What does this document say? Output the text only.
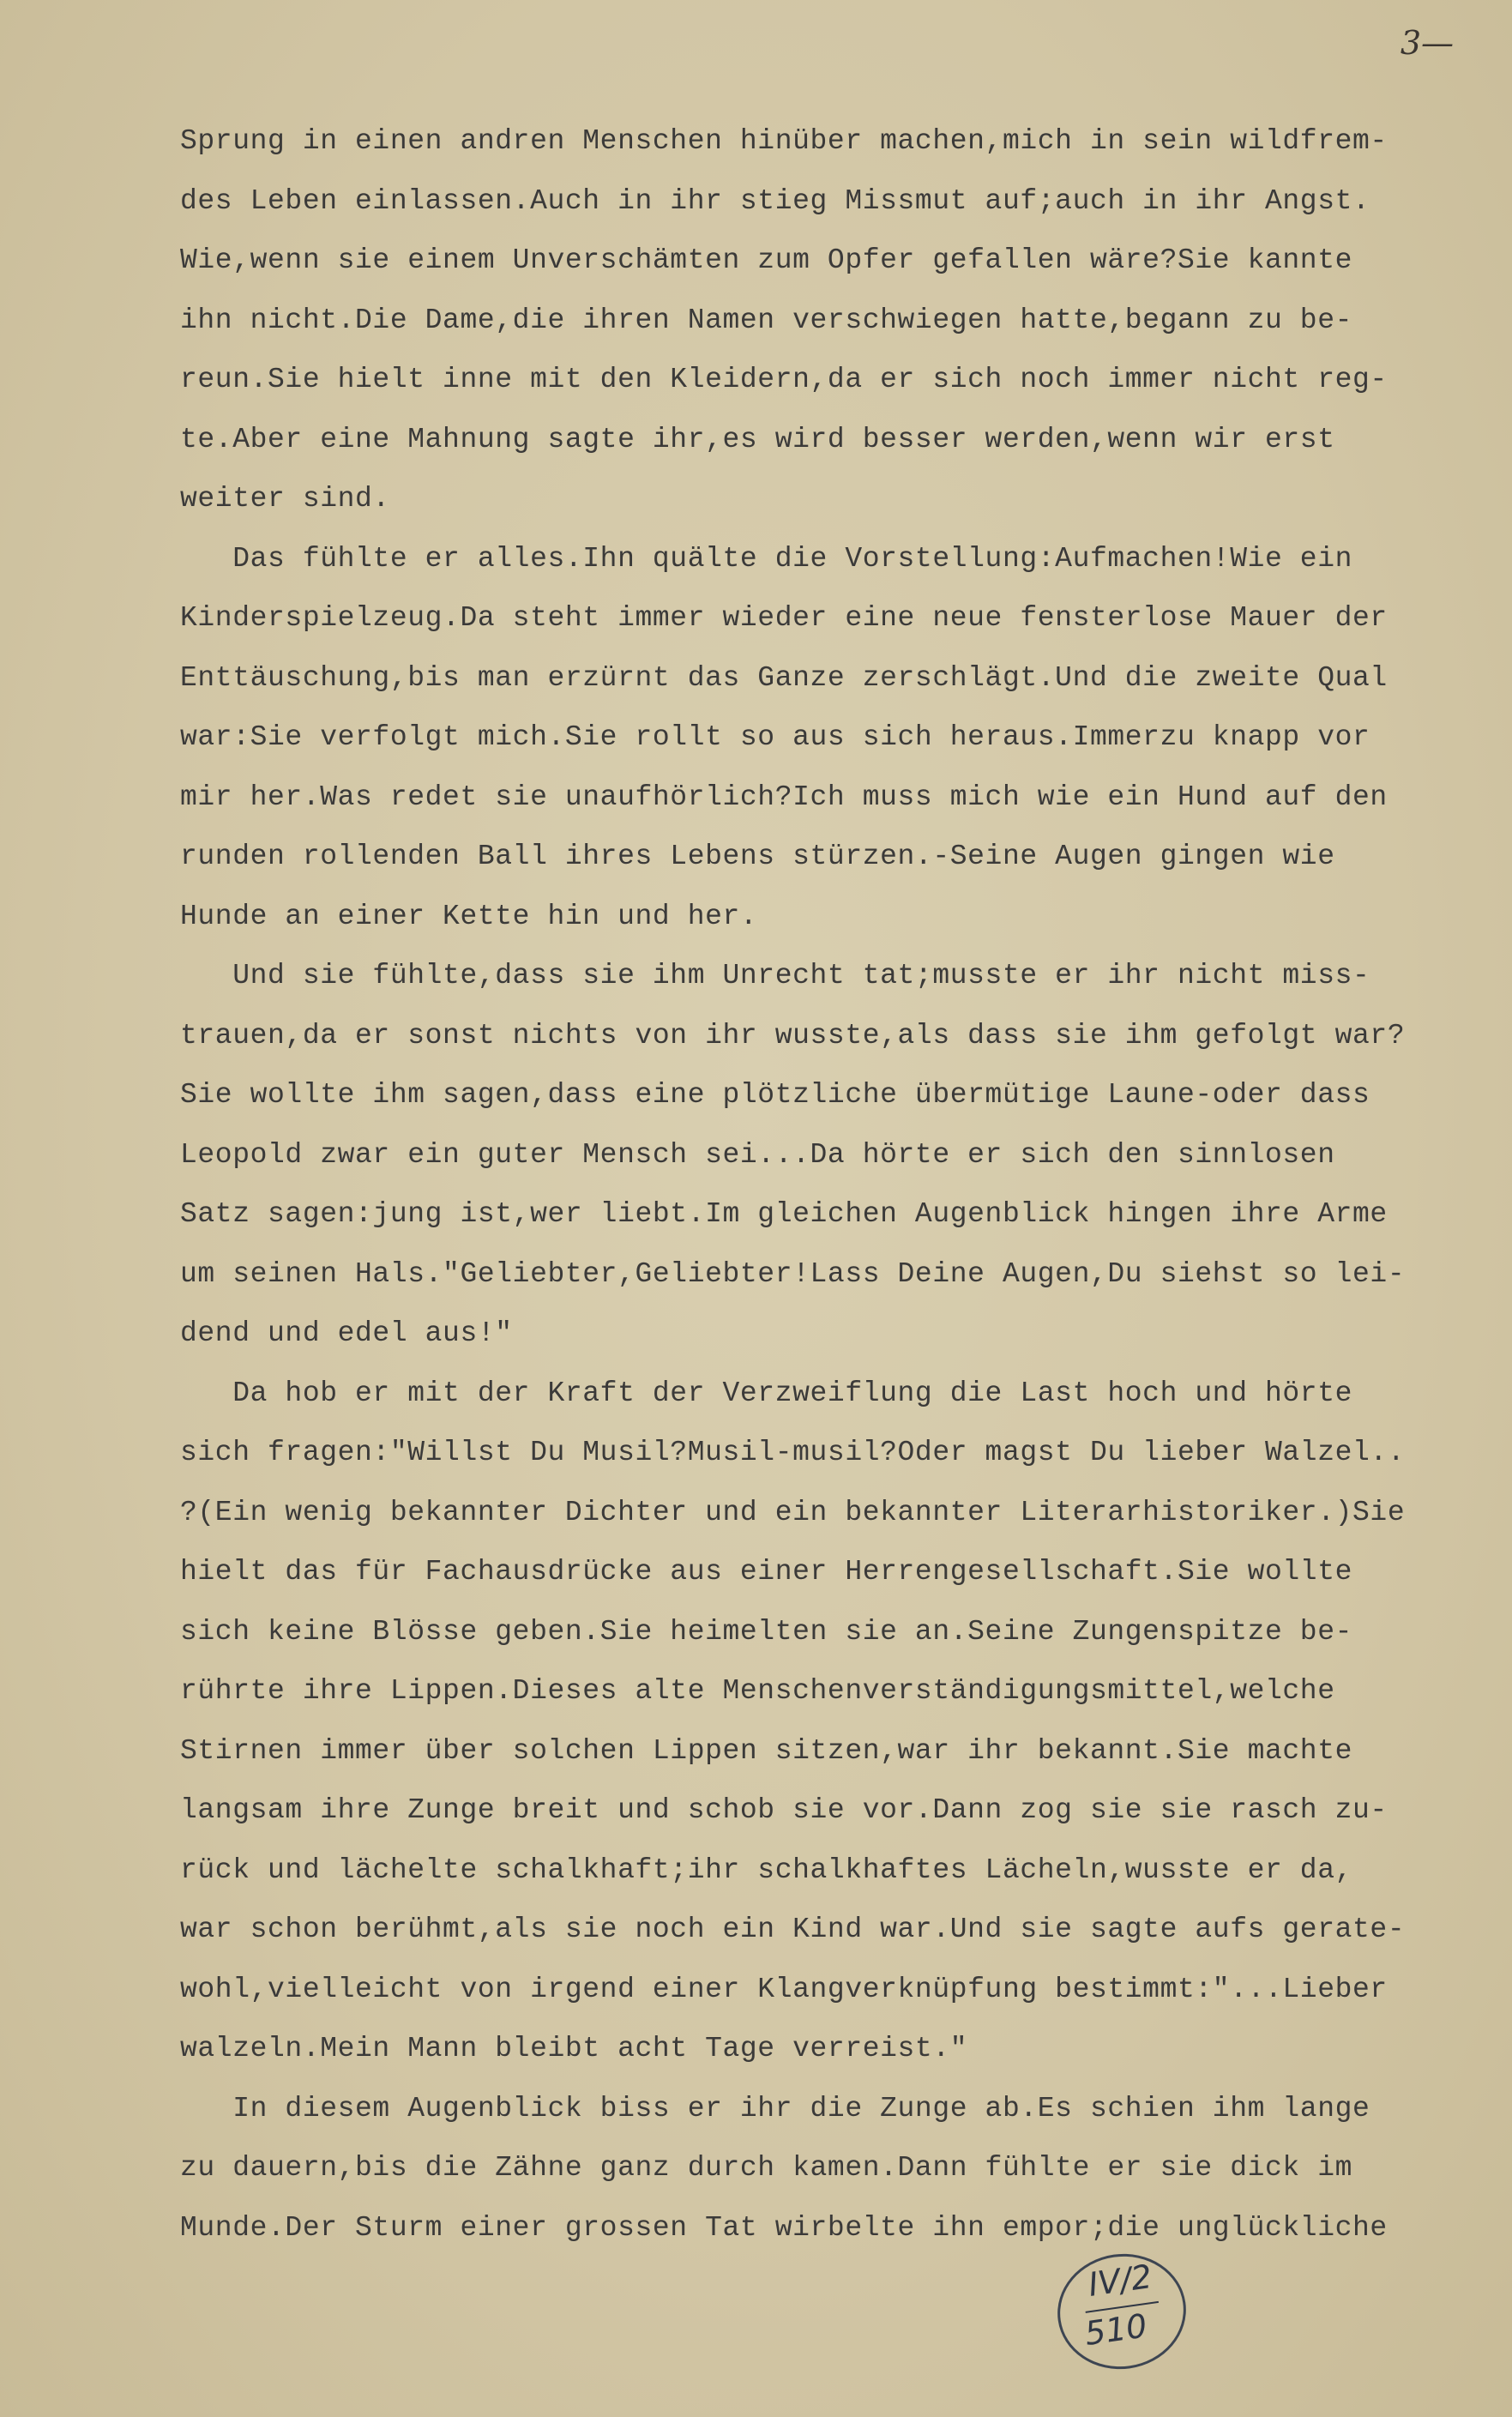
3—
Sprung in einen andren Menschen hinüber machen,mich in sein wildfrem-
des Leben einlassen.Auch in ihr stieg Missmut auf;auch in ihr Angst.
Wie,wenn sie einem Unverschämten zum Opfer gefallen wäre?Sie kannte
ihn nicht.Die Dame,die ihren Namen verschwiegen hatte,begann zu be-
reun.Sie hielt inne mit den Kleidern,da er sich noch immer nicht reg-
te.Aber eine Mahnung sagte ihr,es wird besser werden,wenn wir erst
weiter sind.
Das fühlte er alles.Ihn quälte die Vorstellung:Aufmachen!Wie ein
Kinderspielzeug.Da steht immer wieder eine neue fensterlose Mauer der
Enttäuschung,bis man erzürnt das Ganze zerschlägt.Und die zweite Qual
war:Sie verfolgt mich.Sie rollt so aus sich heraus.Immerzu knapp vor
mir her.Was redet sie unaufhörlich?Ich muss mich wie ein Hund auf den
runden rollenden Ball ihres Lebens stürzen.-Seine Augen gingen wie
Hunde an einer Kette hin und her.
Und sie fühlte,dass sie ihm Unrecht tat;musste er ihr nicht miss-
trauen,da er sonst nichts von ihr wusste,als dass sie ihm gefolgt war?
Sie wollte ihm sagen,dass eine plötzliche übermütige Laune-oder dass
Leopold zwar ein guter Mensch sei...Da hörte er sich den sinnlosen
Satz sagen:jung ist,wer liebt.Im gleichen Augenblick hingen ihre Arme
um seinen Hals."Geliebter,Geliebter!Lass Deine Augen,Du siehst so lei-
dend und edel aus!"
Da hob er mit der Kraft der Verzweiflung die Last hoch und hörte
sich fragen:"Willst Du Musil?Musil-musil?Oder magst Du lieber Walzel..
?(Ein wenig bekannter Dichter und ein bekannter Literarhistoriker.)Sie
hielt das für Fachausdrücke aus einer Herrengesellschaft.Sie wollte
sich keine Blösse geben.Sie heimelten sie an.Seine Zungenspitze be-
rührte ihre Lippen.Dieses alte Menschenverständigungsmittel,welche
Stirnen immer über solchen Lippen sitzen,war ihr bekannt.Sie machte
langsam ihre Zunge breit und schob sie vor.Dann zog sie sie rasch zu-
rück und lächelte schalkhaft;ihr schalkhaftes Lächeln,wusste er da,
war schon berühmt,als sie noch ein Kind war.Und sie sagte aufs gerate-
wohl,vielleicht von irgend einer Klangverknüpfung bestimmt:"...Lieber
walzeln.Mein Mann bleibt acht Tage verreist."
In diesem Augenblick biss er ihr die Zunge ab.Es schien ihm lange
zu dauern,bis die Zähne ganz durch kamen.Dann fühlte er sie dick im
Munde.Der Sturm einer grossen Tat wirbelte ihn empor;die unglückliche
IV/2
510
